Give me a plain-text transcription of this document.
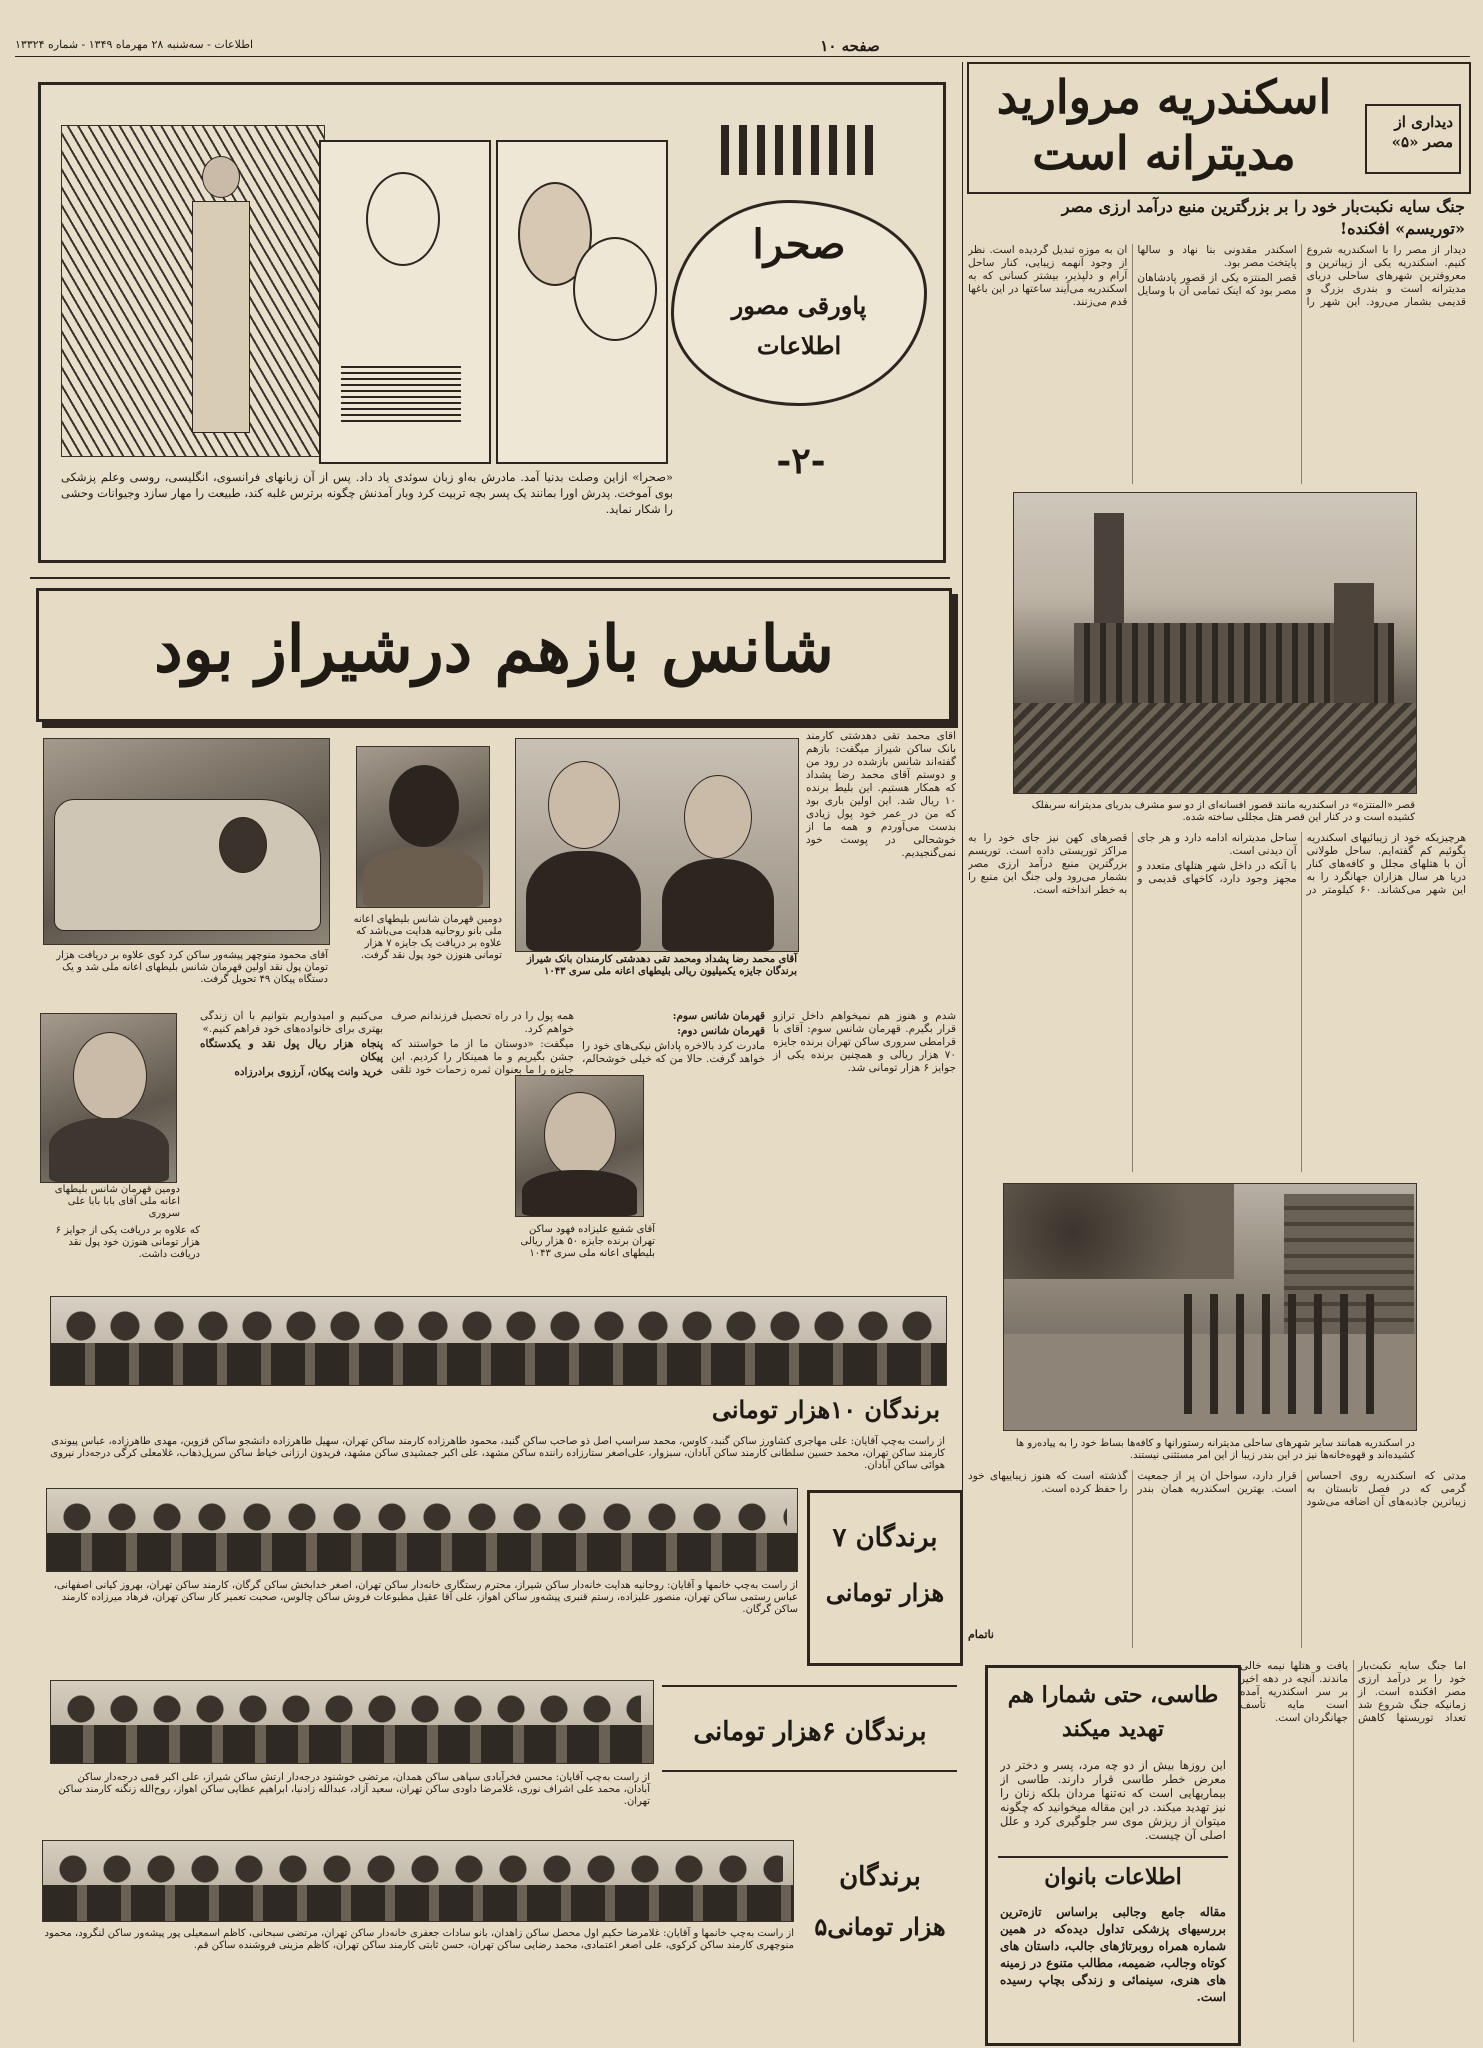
اطلاعات - سه‌شنبه ۲۸ مهرماه ۱۳۴۹ - شماره ۱۳۳۲۴	صفحه ۱۰
دیداری از مصر «۵»
اسکندریه مروارید
مدیترانه است
جنگ سایه نکبت‌بار خود را بر بزرگترین منبع درآمد ارزی مصر «توریسم» افکنده!

دیدار از مصر را با اسکندریه شروع کنیم. اسکندریه یکی از زیباترین و معروفترین شهرهای ساحلی دریای مدیترانه است و بندری بزرگ و قدیمی بشمار می‌رود. این شهر را اسکندر مقدونی بنا نهاد و سالها پایتخت مصر بود.

قصر المنتزه یکی از قصور پادشاهان مصر بود که اینک تمامی آن با وسایل آن به موزه تبدیل گردیده است. نظر از وجود آنهمه زیبایی، کنار ساحل آرام و دلپذیر، بیشتر کسانی که به اسکندریه می‌آیند ساعتها در این باغها قدم می‌زنند.

قصر «المنتزه» در اسکندریه مانند قصور افسانه‌ای از دو سو مشرف بدریای مدیترانه سربفلک کشیده است و در کنار این قصر هتل مجللی ساخته شده.

هرچیزیکه خود از زیبائیهای اسکندریه بگوئیم کم گفته‌ایم. ساحل طولانی آن با هتلهای مجلل و کافه‌های کنار دریا هر سال هزاران جهانگرد را به این شهر می‌کشاند. ۶۰ کیلومتر در ساحل مدیترانه ادامه دارد و هر جای آن دیدنی است.

با آنکه در داخل شهر هتلهای متعدد و مجهز وجود دارد، کاخهای قدیمی و قصرهای کهن نیز جای خود را به مراکز توریستی داده است. توریسم بزرگترین منبع درآمد ارزی مصر بشمار می‌رود ولی جنگ این منبع را به خطر انداخته است.

در اسکندریه همانند سایر شهرهای ساحلی مدیترانه رستورانها و کافه‌ها بساط خود را به پیاده‌رو ها کشیده‌اند و قهوه‌خانه‌ها نیز در این بندر زیبا از این امر مستثنی نیستند.

مدتی که اسکندریه روی احساس گرمی که در فصل تابستان به زیباترین جاذبه‌های آن اضافه می‌شود قرار دارد، سواحل آن پر از جمعیت است. بهترین اسکندریه همان بندر گذشته است که هنوز زیباییهای خود را حفظ کرده است.

ناتمام

اما جنگ سایه نکبت‌بار خود را بر درآمد ارزی مصر افکنده است. از زمانیکه جنگ شروع شد تعداد توریستها کاهش یافت و هتلها نیمه خالی ماندند. آنچه در دهه اخیر بر سر اسکندریه آمده است مایه تأسف جهانگردان است.

صحرا
پاورقی مصور
اطلاعات
-۲-
«صحرا» ازاین وصلت بدنیا آمد. مادرش به‌او زبان سوئدی یاد داد. پس از آن زبانهای فرانسوی، انگلیسی، روسی وعلم پزشکی بوی آموخت. پدرش اورا بمانند یک پسر بچه تربیت کرد وبار آمدنش چگونه برترس غلبه کند، طبیعت را مهار سازد وجیوانات وحشی را شکار نماید.
شانس بازهم درشیراز بود
آقای محمد رضا پشداد ومحمد تقی دهدشتی کارمندان بانک شیراز برندگان جایزه یکمیلیون ریالی بلیطهای اعانه ملی سری ۱۰۴۳
دومین قهرمان شانس بلیطهای اعانه ملی بانو روحانیه هدایت می‌باشد که علاوه بر دریافت یک جایزه ۷ هزار تومانی هنوزن خود پول نقد گرفت.
آقای محمود منوچهر پیشه‌ور ساکن کرد کوی علاوه بر دریافت هزار تومان پول نقد اولین قهرمان شانس بلیطهای اعانه ملی شد و یک دستگاه پیکان ۴۹ تحویل گرفت.
آقای محمد تقی دهدشتی کارمند بانک ساکن شیراز میگفت: بازهم گفته‌اند شانس بازشده در رود من و دوستم آقای محمد رضا پشداد که همکار هستیم. این بلیط برنده ۱۰ ریال شد. این اولین باری بود که من در عمر خود پول زیادی بدست می‌آوردم و همه ما از خوشحالی در پوست خود نمی‌گنجیدیم.
دومین قهرمان شانس بلیطهای اعانه ملی آقای بابا بابا علی سروری
که علاوه بر دریافت یکی از جوایز ۶ هزار تومانی هنوزن خود پول نقد دریافت داشت.
آقای شفیع علیزاده فهود ساکن تهران برنده جایزه ۵۰ هزار ریالی بلیطهای اعانه ملی سری ۱۰۴۳

شدم و هنوز هم نمیخواهم داخل ترازو قرار بگیرم. قهرمان شانس سوم: آقای با قرامطی سروری ساکن تهران برنده جایزه ۷۰ هزار ریالی و همچنین برنده یکی از جوایز ۶ هزار تومانی شد.

قهرمان شانس سوم:

قهرمان شانس دوم:

مادرت کرد بالاخره پاداش نیکی‌های خود را خواهد گرفت. حالا من که خیلی خوشحالم، همه پول را در راه تحصیل فرزندانم صرف خواهم کرد.

میگفت: «دوستان ما از ما خواستند که جشن بگیریم و ما همینکار را کردیم. این جایزه را ما بعنوان ثمره زحمات خود تلقی می‌کنیم و امیدواریم بتوانیم با آن زندگی بهتری برای خانواده‌های خود فراهم کنیم.»

پنجاه هزار ریال پول نقد و یکدستگاه پیکان

خرید وانت پیکان، آرزوی برادرزاده

برندگان ۱۰هزار تومانی
از راست به‌چپ آقایان: علی مهاجری کشاورز ساکن گنبد، کاوس، محمد سراسپ اصل ذو صاحب ساکن گنبد، محمود طاهرزاده کارمند ساکن تهران، سهیل طاهرزاده دانشجو ساکن قزوین، مهدی طاهرزاده، عباس پیوندی کارمند ساکن تهران، محمد حسین سلطانی کارمند ساکن آبادان، سبزوار، علی‌اصغر ستارزاده راننده ساکن مشهد، علی اکبر جمشیدی ساکن مشهد، فریدون ارزانی خیاط ساکن سرپل‌ذهاب، غلامعلی کرگی درجه‌دار نیروی هوائی ساکن آبادان.
برندگان ۷
هزار تومانی
از راست به‌چپ خانمها و آقایان: روحانیه هدایت خانه‌دار ساکن شیراز، محترم رستگاری خانه‌دار ساکن تهران، اصغر خدابخش ساکن گرگان، کارمند ساکن تهران، بهروز کیانی اصفهانی، عباس رستمی ساکن تهران، منصور علیزاده، رستم قنبری پیشه‌ور ساکن اهواز، علی آقا عقیل مطبوعات فروش ساکن چالوس، صحبت تعمیر کار ساکن تهران، فرهاد میرزاده کارمند ساکن گرگان.
برندگان ۶هزار تومانی
از راست به‌چپ آقایان: محسن فخرآبادی سپاهی ساکن همدان، مرتضی خوشنود درجه‌دار ارتش ساکن شیراز، علی اکبر قمی درجه‌دار ساکن آبادان، محمد علی اشراف نوری، غلامرضا داودی ساکن تهران، سعید آزاد، عبدالله زادنیا، ابراهیم عطایی ساکن اهواز، روح‌الله زنگنه کارمند ساکن تهران.
برندگان
۵هزار تومانی
از راست به‌چپ خانمها و آقایان: غلامرضا حکیم اول محصل ساکن زاهدان، بانو سادات جعفری خانه‌دار ساکن تهران، مرتضی سبحانی، کاظم اسمعیلی پور پیشه‌ور ساکن لنگرود، محمود منوچهری کارمند ساکن کرکوی، علی اصغر اعتمادی، محمد رضایی ساکن تهران، حسن ثابتی کارمند ساکن تهران، کاظم مزینی فروشنده ساکن قم.
طاسی، حتی شمارا هم
تهدید میکند
این روزها بیش از دو چه مرد، پسر و دختر در معرض خطر طاسی قرار دارند. طاسی از بیماریهایی است که نه‌تنها مردان بلکه زنان را نیز تهدید میکند. در این مقاله میخوانید که چگونه میتوان از ریزش موی سر جلوگیری کرد و علل اصلی آن چیست.
اطلاعات بانوان
مقاله جامع وجالبی براساس تازه‌ترین بررسیهای پزشکی تداول دیده‌که در همین شماره همراه روبرتاژهای جالب، داستان های کوتاه وجالب، ضمیمه، مطالب متنوع در زمینه های هنری، سینمائی و زندگی بچاپ رسیده است.
